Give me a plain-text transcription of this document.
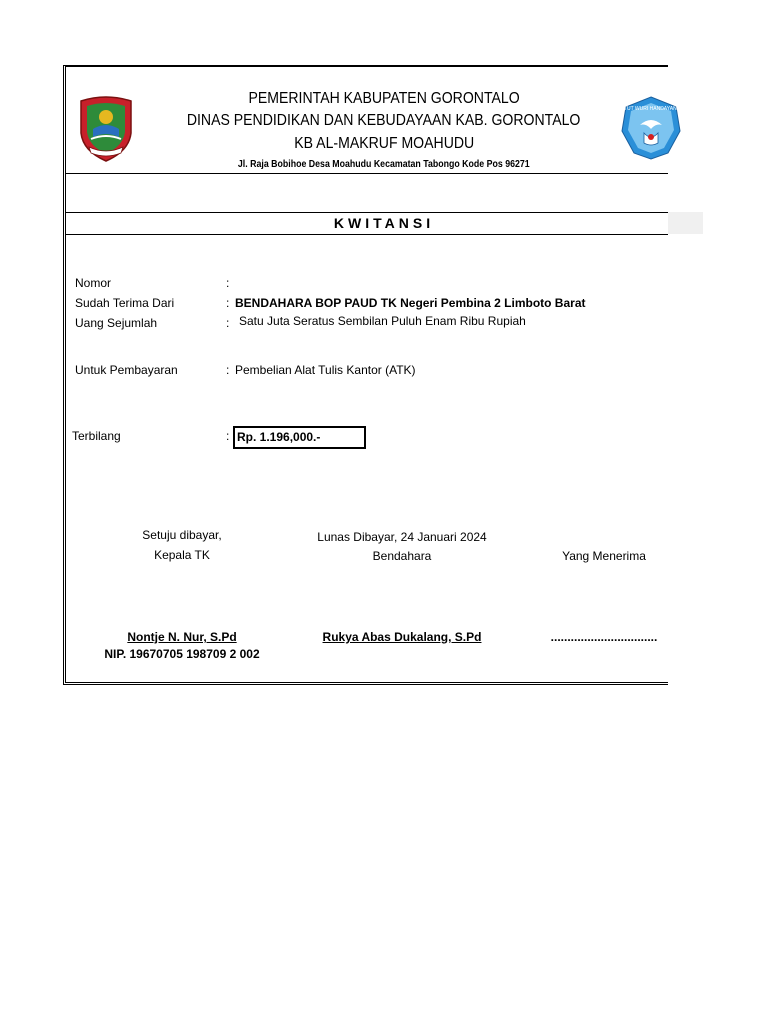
TUT WURI HANDAYANI
PEMERINTAH KABUPATEN GORONTALO
DINAS PENDIDIKAN DAN KEBUDAYAAN KAB. GORONTALO
KB AL-MAKRUF MOAHUDU
Jl. Raja Bobihoe Desa Moahudu Kecamatan Tabongo Kode Pos 96271
KWITANSI
Nomor	:
Sudah Terima Dari	: BENDAHARA BOP PAUD TK Negeri Pembina 2 Limboto Barat
Uang Sejumlah	: Satu Juta Seratus Sembilan Puluh Enam Ribu Rupiah
Untuk Pembayaran	: Pembelian Alat Tulis Kantor (ATK)
Terbilang	: Rp. 1.196,000.-
Setuju dibayar,
Kepala TK
Lunas Dibayar, 24 Januari 2024
Bendahara	Yang Menerima
Nontje N. Nur, S.Pd
NIP. 19670705 198709 2 002
Rukya Abas Dukalang, S.Pd	................................
